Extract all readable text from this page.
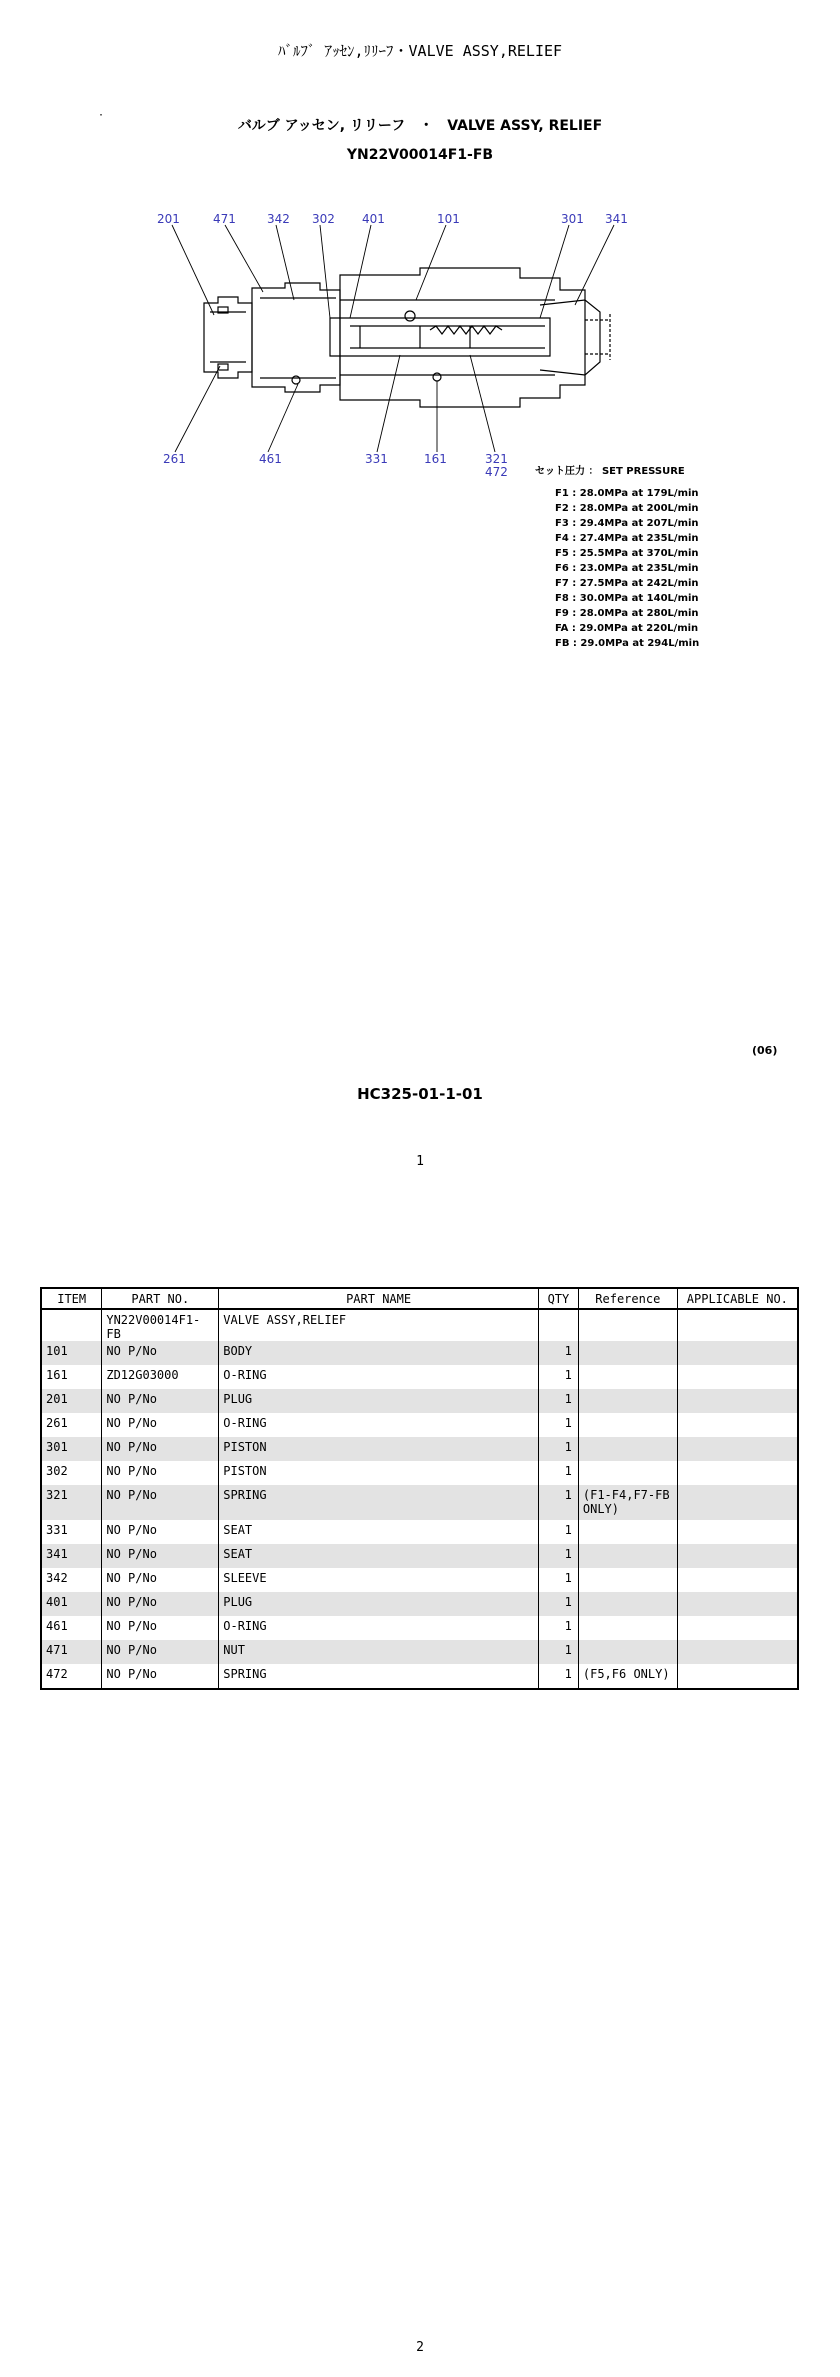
ﾊﾞﾙﾌﾞ ｱｯｾﾝ,ﾘﾘｰﾌ・VALVE ASSY,RELIEF
·
バルブ アッセン, リリーフ　・　VALVE ASSY, RELIEF
YN22V00014F1-FB
201	471	342 302 401	101	301 341
261	461	331	161	321
472	セット圧力 ： SET PRESSURE
F1 : 28.0MPa at 179L/min
F2 : 28.0MPa at 200L/min
F3 : 29.4MPa at 207L/min
F4 : 27.4MPa at 235L/min
F5 : 25.5MPa at 370L/min
F6 : 23.0MPa at 235L/min
F7 : 27.5MPa at 242L/min
F8 : 30.0MPa at 140L/min
F9 : 28.0MPa at 280L/min
FA : 29.0MPa at 220L/min
FB : 29.0MPa at 294L/min
(06)
HC325-01-1-01
1
ITEM	PART NO.	PART NAME	QTY	Reference	APPLICABLE NO.
	YN22V00014F1-FB	VALVE ASSY,RELIEF			
101	NO P/No	BODY	1		
161	ZD12G03000	O-RING	1		
201	NO P/No	PLUG	1		
261	NO P/No	O-RING	1		
301	NO P/No	PISTON	1		
302	NO P/No	PISTON	1		
321	NO P/No	SPRING	1	(F1-F4,F7-FB ONLY)	
331	NO P/No	SEAT	1		
341	NO P/No	SEAT	1		
342	NO P/No	SLEEVE	1		
401	NO P/No	PLUG	1		
461	NO P/No	O-RING	1		
471	NO P/No	NUT	1		
472	NO P/No	SPRING	1	(F5,F6 ONLY)	
2
